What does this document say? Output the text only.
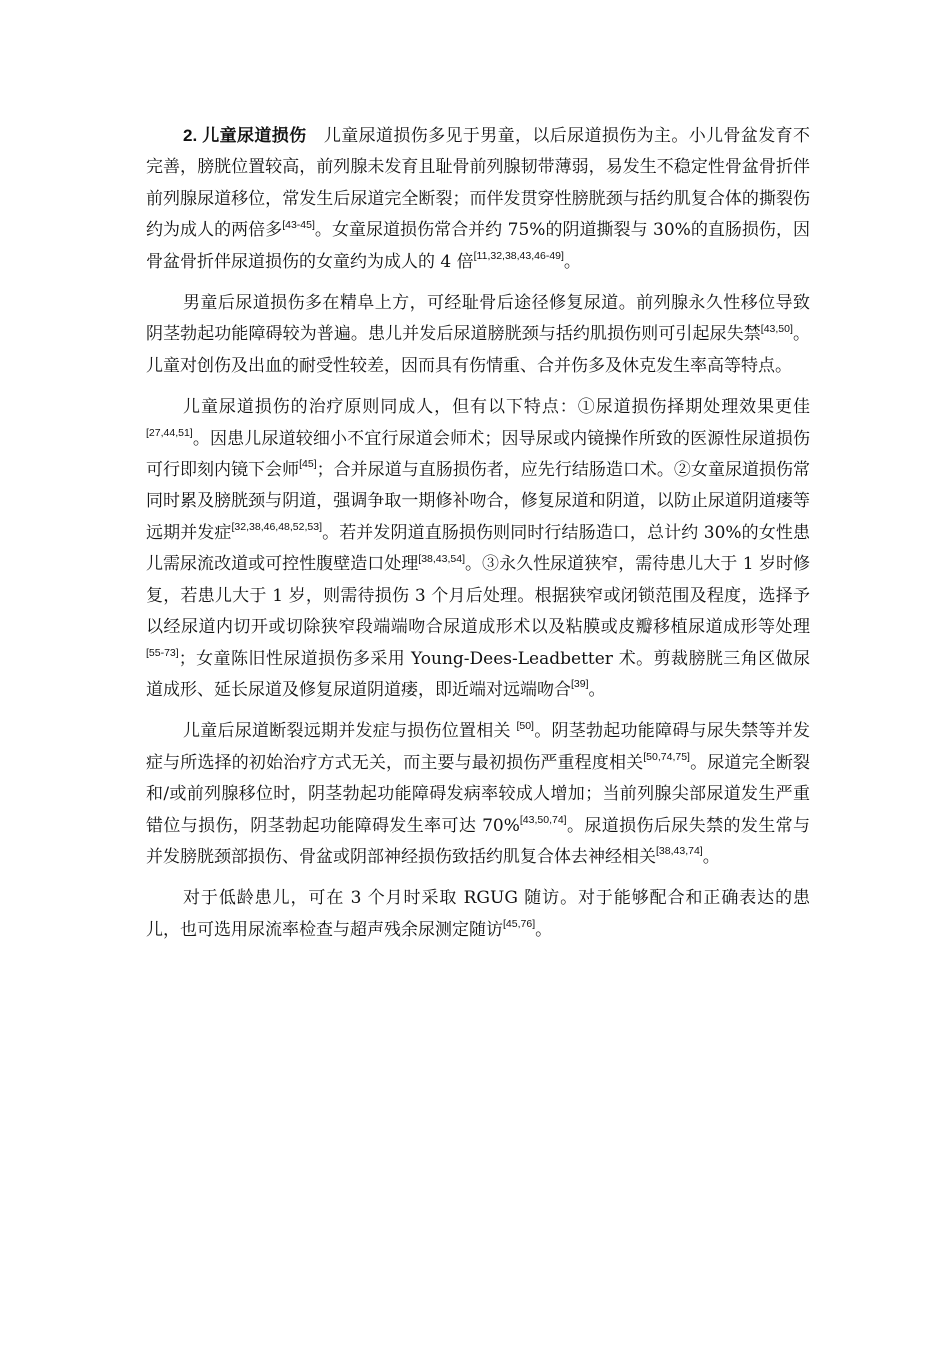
2. 儿童尿道损伤　儿童尿道损伤多见于男童，以后尿道损伤为主。小儿骨盆发育不完善，膀胱位置较高，前列腺未发育且耻骨前列腺韧带薄弱，易发生不稳定性骨盆骨折伴前列腺尿道移位，常发生后尿道完全断裂；而伴发贯穿性膀胱颈与括约肌复合体的撕裂伤约为成人的两倍多[43-45]。女童尿道损伤常合并约 75%的阴道撕裂与 30%的直肠损伤，因骨盆骨折伴尿道损伤的女童约为成人的 4 倍[11,32,38,43,46-49]。

男童后尿道损伤多在精阜上方，可经耻骨后途径修复尿道。前列腺永久性移位导致阴茎勃起功能障碍较为普遍。患儿并发后尿道膀胱颈与括约肌损伤则可引起尿失禁[43,50]。儿童对创伤及出血的耐受性较差，因而具有伤情重、合并伤多及休克发生率高等特点。

儿童尿道损伤的治疗原则同成人，但有以下特点：①尿道损伤择期处理效果更佳[27,44,51]。因患儿尿道较细小不宜行尿道会师术；因导尿或内镜操作所致的医源性尿道损伤可行即刻内镜下会师[45]；合并尿道与直肠损伤者，应先行结肠造口术。②女童尿道损伤常同时累及膀胱颈与阴道，强调争取一期修补吻合，修复尿道和阴道，以防止尿道阴道瘘等远期并发症[32,38,46,48,52,53]。若并发阴道直肠损伤则同时行结肠造口，总计约 30%的女性患儿需尿流改道或可控性腹壁造口处理[38,43,54]。③永久性尿道狭窄，需待患儿大于 1 岁时修复，若患儿大于 1 岁，则需待损伤 3 个月后处理。根据狭窄或闭锁范围及程度，选择予以经尿道内切开或切除狭窄段端端吻合尿道成形术以及粘膜或皮瓣移植尿道成形等处理[55-73]；女童陈旧性尿道损伤多采用 Young-Dees-Leadbetter 术。剪裁膀胱三角区做尿道成形、延长尿道及修复尿道阴道瘘，即近端对远端吻合[39]。

儿童后尿道断裂远期并发症与损伤位置相关 [50]。阴茎勃起功能障碍与尿失禁等并发症与所选择的初始治疗方式无关，而主要与最初损伤严重程度相关[50,74,75]。尿道完全断裂和/或前列腺移位时，阴茎勃起功能障碍发病率较成人增加；当前列腺尖部尿道发生严重错位与损伤，阴茎勃起功能障碍发生率可达 70%[43,50,74]。尿道损伤后尿失禁的发生常与并发膀胱颈部损伤、骨盆或阴部神经损伤致括约肌复合体去神经相关[38,43,74]。

对于低龄患儿，可在 3 个月时采取 RGUG 随访。对于能够配合和正确表达的患儿，也可选用尿流率检查与超声残余尿测定随访[45,76]。
